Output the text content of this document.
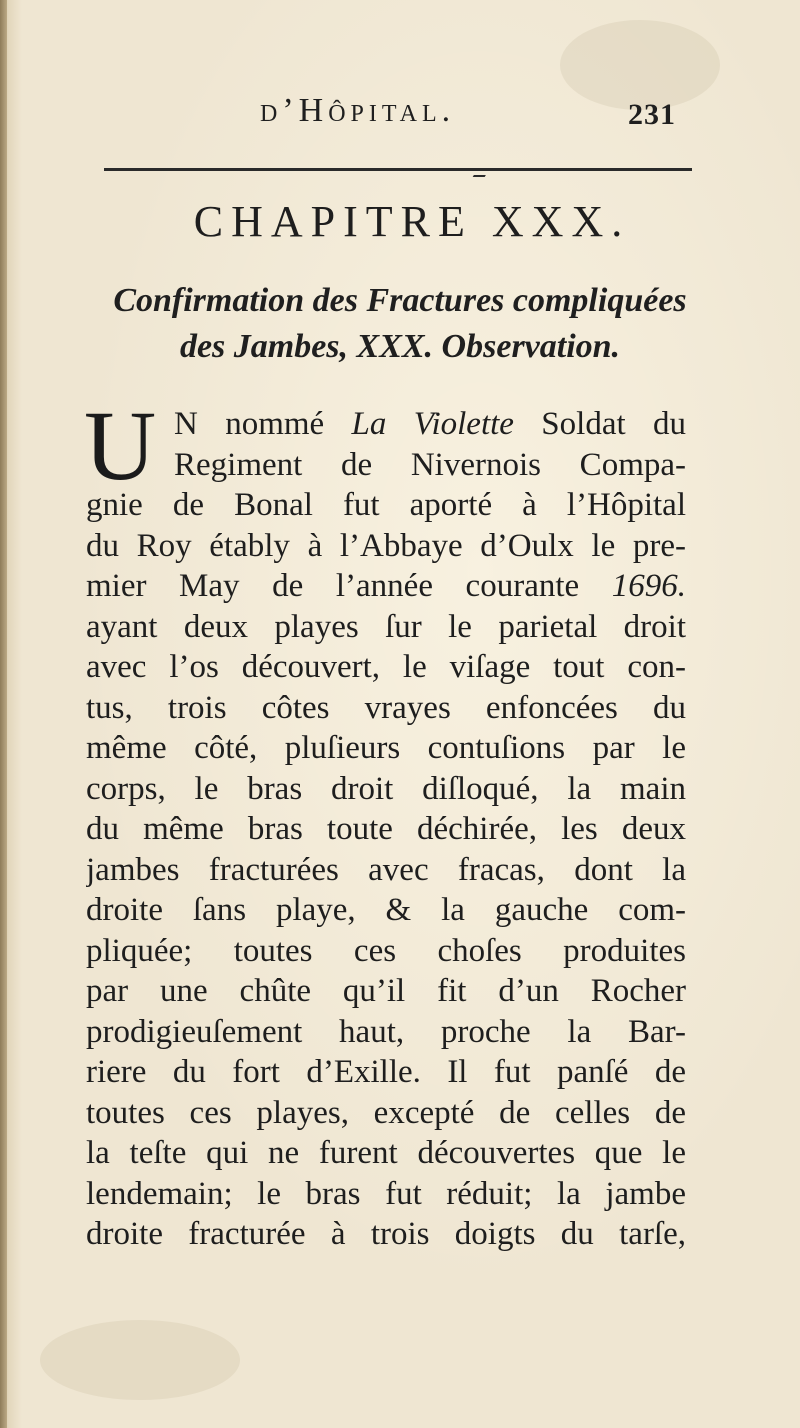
d’Hôpital.	231
CHAPITRE XXX.
Confirmation des Fractures compliquées
des Jambes, XXX. Observation.
U N nommé La Violette Soldat du
Regiment de Nivernois Compa-
gnie de Bonal fut aporté à l’Hôpital
du Roy étably à l’Abbaye d’Oulx le pre-
mier May de l’année courante 1696.
ayant deux playes ſur le parietal droit
avec l’os découvert, le viſage tout con-
tus, trois côtes vrayes enfoncées du
même côté, pluſieurs contuſions par le
corps, le bras droit diſloqué, la main
du même bras toute déchirée, les deux
jambes fracturées avec fracas, dont la
droite ſans playe, & la gauche com-
pliquée; toutes ces choſes produites
par une chûte qu’il fit d’un Rocher
prodigieuſement haut, proche la Bar-
riere du fort d’Exille. Il fut panſé de
toutes ces playes, excepté de celles de
la teſte qui ne furent découvertes que le
lendemain; le bras fut réduit; la jambe
droite fracturée à trois doigts du tarſe,
